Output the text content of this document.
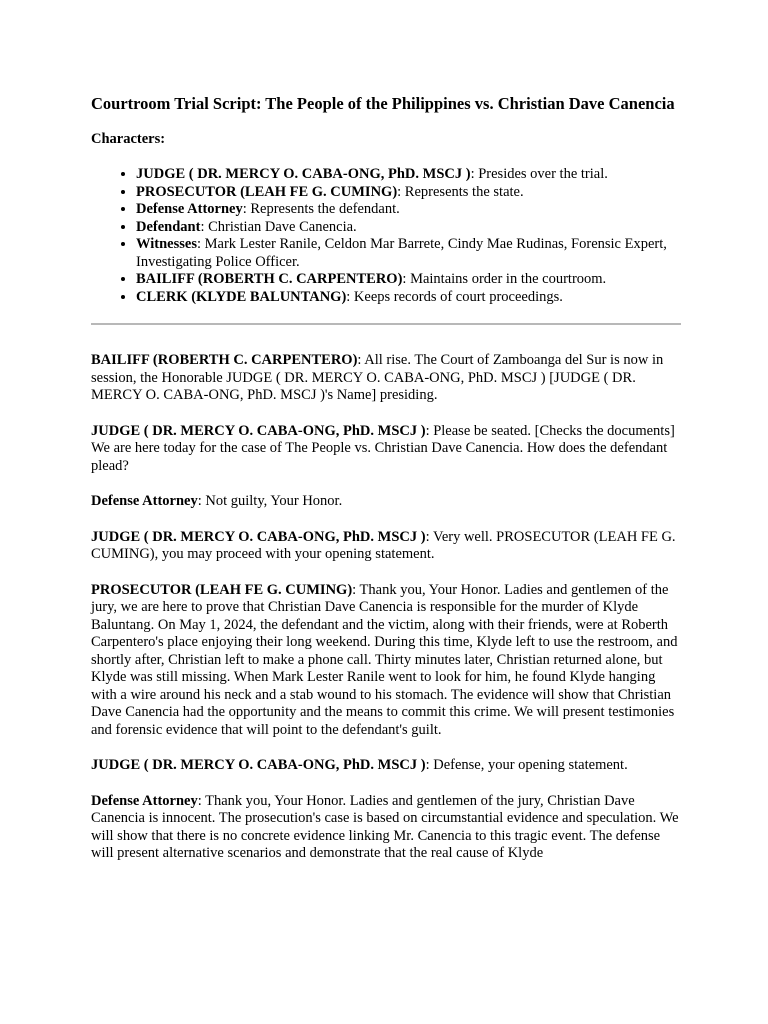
Courtroom Trial Script: The People of the Philippines vs. Christian Dave Canencia
Characters:
• JUDGE ( DR. MERCY O. CABA-ONG, PhD. MSCJ ): Presides over the trial.
• PROSECUTOR (LEAH FE G. CUMING): Represents the state.
• Defense Attorney: Represents the defendant.
• Defendant: Christian Dave Canencia.
• Witnesses: Mark Lester Ranile, Celdon Mar Barrete, Cindy Mae Rudinas, Forensic Expert, Investigating Police Officer.
• BAILIFF (ROBERTH C. CARPENTERO): Maintains order in the courtroom.
• CLERK (KLYDE BALUNTANG): Keeps records of court proceedings.

BAILIFF (ROBERTH C. CARPENTERO): All rise. The Court of Zamboanga del Sur is now in session, the Honorable JUDGE ( DR. MERCY O. CABA-ONG, PhD. MSCJ ) [JUDGE ( DR. MERCY O. CABA-ONG, PhD. MSCJ )'s Name] presiding.

JUDGE ( DR. MERCY O. CABA-ONG, PhD. MSCJ ): Please be seated. [Checks the documents] We are here today for the case of The People vs. Christian Dave Canencia. How does the defendant plead?

Defense Attorney: Not guilty, Your Honor.

JUDGE ( DR. MERCY O. CABA-ONG, PhD. MSCJ ): Very well. PROSECUTOR (LEAH FE G. CUMING), you may proceed with your opening statement.

PROSECUTOR (LEAH FE G. CUMING): Thank you, Your Honor. Ladies and gentlemen of the jury, we are here to prove that Christian Dave Canencia is responsible for the murder of Klyde Baluntang. On May 1, 2024, the defendant and the victim, along with their friends, were at Roberth Carpentero's place enjoying their long weekend. During this time, Klyde left to use the restroom, and shortly after, Christian left to make a phone call. Thirty minutes later, Christian returned alone, but Klyde was still missing. When Mark Lester Ranile went to look for him, he found Klyde hanging with a wire around his neck and a stab wound to his stomach. The evidence will show that Christian Dave Canencia had the opportunity and the means to commit this crime. We will present testimonies and forensic evidence that will point to the defendant's guilt.

JUDGE ( DR. MERCY O. CABA-ONG, PhD. MSCJ ): Defense, your opening statement.

Defense Attorney: Thank you, Your Honor. Ladies and gentlemen of the jury, Christian Dave Canencia is innocent. The prosecution's case is based on circumstantial evidence and speculation. We will show that there is no concrete evidence linking Mr. Canencia to this tragic event. The defense will present alternative scenarios and demonstrate that the real cause of Klyde
